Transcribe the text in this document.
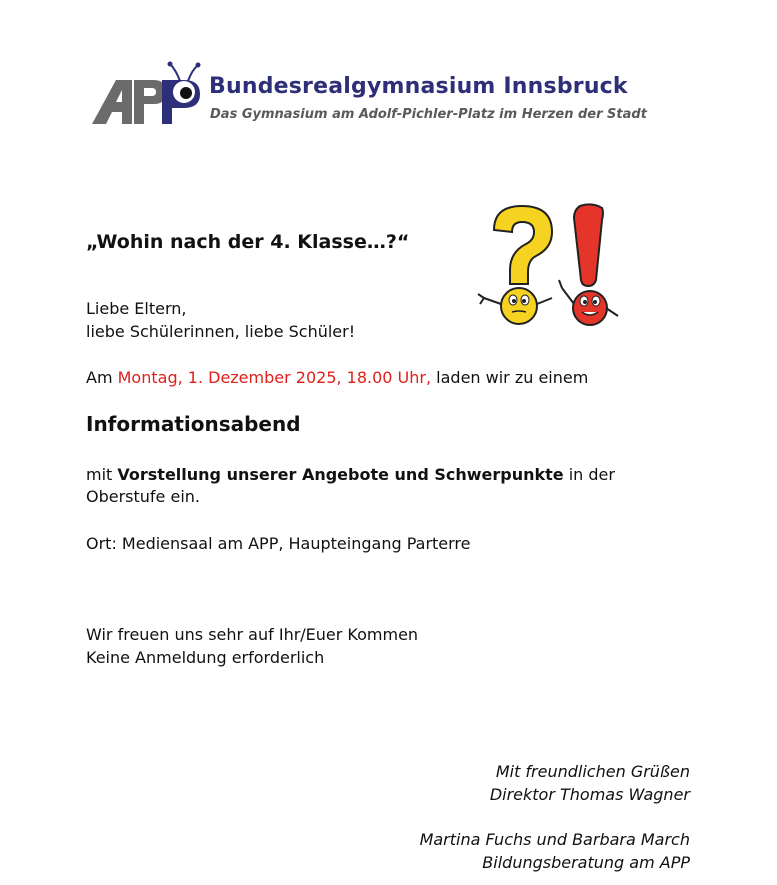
Bundesrealgymnasium Innsbruck
Das Gymnasium am Adolf-Pichler-Platz im Herzen der Stadt
„Wohin nach der 4. Klasse…?“
Liebe Eltern,
liebe Schülerinnen, liebe Schüler!
Am Montag, 1. Dezember 2025, 18.00 Uhr, laden wir zu einem
Informationsabend
mit Vorstellung unserer Angebote und Schwerpunkte in der Oberstufe ein.
Ort: Mediensaal am APP, Haupteingang Parterre
Wir freuen uns sehr auf Ihr/Euer Kommen
Keine Anmeldung erforderlich
Mit freundlichen Grüßen
Direktor Thomas Wagner
Martina Fuchs und Barbara March
Bildungsberatung am APP
